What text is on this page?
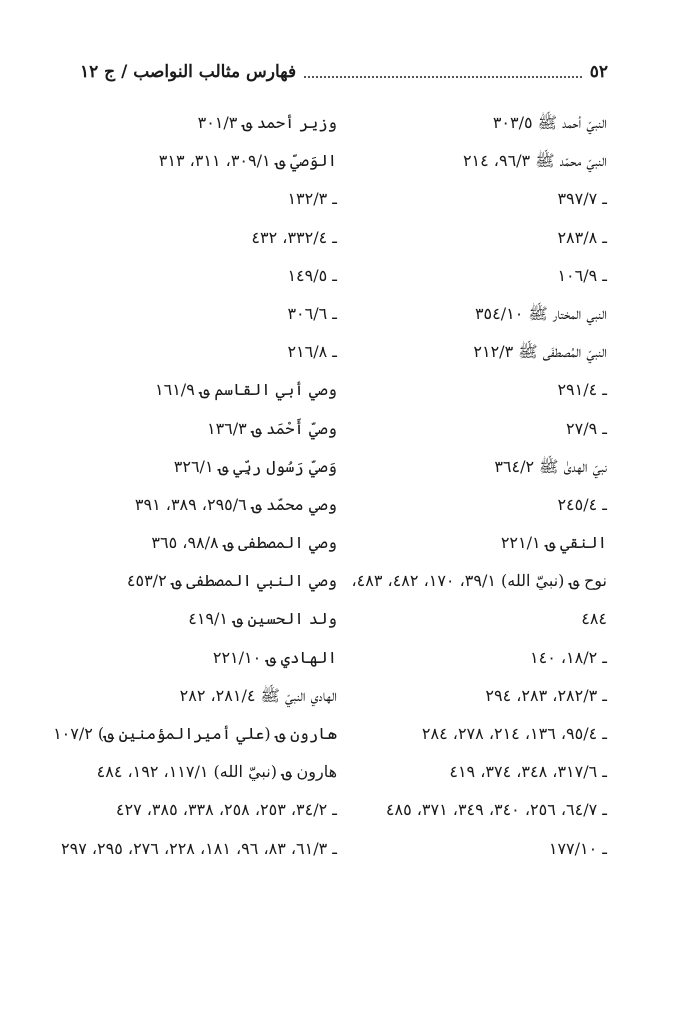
٥٢
فهارس مثالب النواصب / ج ١٢
النبيّ أحمد ﷺ ٣٠٣/٥
النبيّ محمّد ﷺ ٩٦/٣، ٢١٤
ـ ٣٩٧/٧
ـ ٢٨٣/٨
ـ ١٠٦/٩
النبي المختار ﷺ ٣٥٤/١٠
النبيّ المُصطفَى ﷺ ٢١٢/٣
ـ ٢٩١/٤
ـ ٢٧/٩
نبيّ الهدىٰ ﷺ ٣٦٤/٢
ـ ٢٤٥/٤
النقي ؈ ٢٢١/١
نوح ؈ (نبيّ الله) ٣٩/١، ١٧٠، ٤٨٢، ٤٨٣،
٤٨٤
ـ ١٨/٢، ١٤٠
ـ ٢٨٢/٣، ٢٨٣، ٢٩٤
ـ ٩٥/٤، ١٣٦، ٢١٤، ٢٧٨، ٢٨٤
ـ ٣١٧/٦، ٣٤٨، ٣٧٤، ٤١٩
ـ ٦٤/٧، ٢٥٦، ٣٤٠، ٣٤٩، ٣٧١، ٤٨٥
ـ ١٧٧/١٠
وزير أحمد ؈ ٣٠١/٣
الوَصيّ ؈ ٣٠٩/١، ٣١١، ٣١٣
ـ ١٣٢/٣
ـ ٣٣٢/٤، ٤٣٢
ـ ١٤٩/٥
ـ ٣٠٦/٦
ـ ٢١٦/٨
وصي أبي القاسم ؈ ١٦١/٩
وصيّ أَحْمَد ؈ ١٣٦/٣
وَصيّ رَسُول ربِّي ؈ ٣٢٦/١
وصي محمّد ؈ ٢٩٥/٦، ٣٨٩، ٣٩١
وصي المصطفى ؈ ٩٨/٨، ٣٦٥
وصي النبي المصطفى ؈ ٤٥٣/٢
ولد الحسين ؈ ٤١٩/١
الهادي ؈ ٢٢١/١٠
الهادي النبيّ ﷺ ٢٨١/٤، ٢٨٢
هارون ؈ (علي أميرالمؤمنين ؈) ١٠٧/٢
هارون ؈ (نبيّ الله) ١١٧/١، ١٩٢، ٤٨٤
ـ ٣٤/٢، ٢٥٣، ٢٥٨، ٣٣٨، ٣٨٥، ٤٢٧
ـ ٦١/٣، ٨٣، ٩٦، ١٨١، ٢٢٨، ٢٧٦، ٢٩٥، ٢٩٧
